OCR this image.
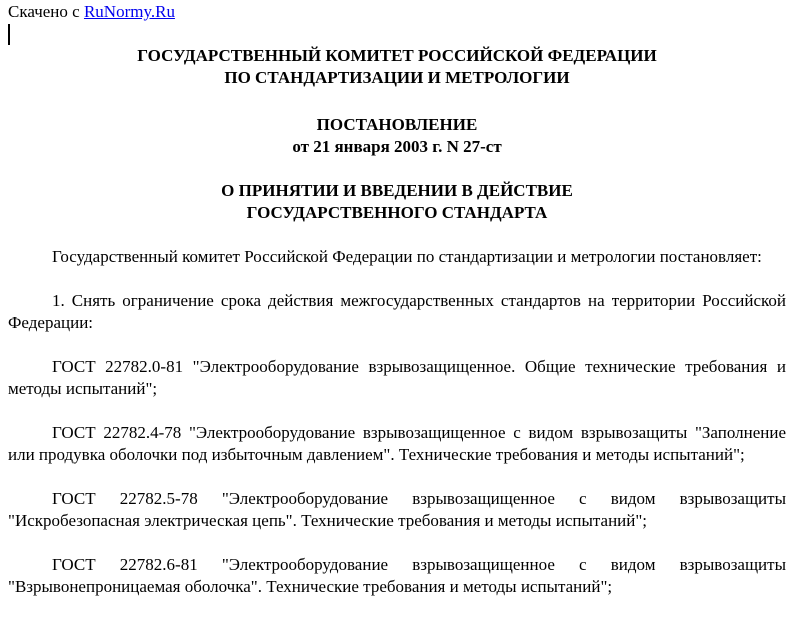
Скачено с RuNormy.Ru
ГОСУДАРСТВЕННЫЙ КОМИТЕТ РОССИЙСКОЙ ФЕДЕРАЦИИ
ПО СТАНДАРТИЗАЦИИ И МЕТРОЛОГИИ
ПОСТАНОВЛЕНИЕ
от 21 января 2003 г. N 27-ст
О ПРИНЯТИИ И ВВЕДЕНИИ В ДЕЙСТВИЕ
ГОСУДАРСТВЕННОГО СТАНДАРТА

Государственный комитет Российской Федерации по стандартизации и метрологии постановляет:

1. Снять ограничение срока действия межгосударственных стандартов на территории Российской Федерации:

ГОСТ 22782.0-81 "Электрооборудование взрывозащищенное. Общие технические требования и методы испытаний";

ГОСТ 22782.4-78 "Электрооборудование взрывозащищенное с видом взрывозащиты "Заполнение или продувка оболочки под избыточным давлением". Технические требования и методы испытаний";

ГОСТ 22782.5-78 "Электрооборудование взрывозащищенное с видом взрывозащиты "Искробезопасная электрическая цепь". Технические требования и методы испытаний";

ГОСТ 22782.6-81 "Электрооборудование взрывозащищенное с видом взрывозащиты "Взрывонепроницаемая оболочка". Технические требования и методы испытаний";
